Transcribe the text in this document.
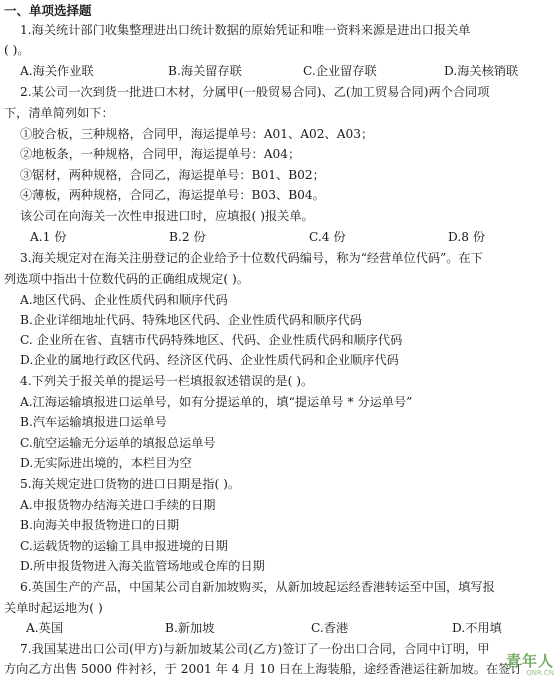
一、单项选择题
1.海关统计部门收集整理进出口统计数据的原始凭证和唯一资料来源是进出口报关单
( )。
A.海关作业联	B.海关留存联	C.企业留存联	D.海关核销联
2.某公司一次到货一批进口木材，分属甲(一般贸易合同)、乙(加工贸易合同)两个合同项
下，清单简列如下：
①胶合板，三种规格，合同甲，海运提单号：A01、A02、A03；
②地板条，一种规格，合同甲，海运提单号：A04；
③锯材，两种规格，合同乙，海运提单号：B01、B02；
④薄板，两种规格，合同乙，海运提单号：B03、B04。
该公司在向海关一次性申报进口时，应填报( )报关单。
A.1 份	B.2 份	C.4 份	D.8 份
3.海关规定对在海关注册登记的企业给予十位数代码编号，称为“经营单位代码”。在下
列选项中指出十位数代码的正确组成规定( )。
A.地区代码、企业性质代码和顺序代码
B.企业详细地址代码、特殊地区代码、企业性质代码和顺序代码
C. 企业所在省、直辖市代码特殊地区、代码、企业性质代码和顺序代码
D.企业的属地行政区代码、经济区代码、企业性质代码和企业顺序代码
4.下列关于报关单的提运号一栏填报叙述错误的是( )。
A.江海运输填报进口运单号，如有分提运单的，填“提运单号 * 分运单号”
B.汽车运输填报进口运单号
C.航空运输无分运单的填报总运单号
D.无实际进出境的，本栏目为空
5.海关规定进口货物的进口日期是指( )。
A.申报货物办结海关进口手续的日期
B.向海关申报货物进口的日期
C.运载货物的运输工具申报进境的日期
D.所申报货物进入海关监管场地或仓库的日期
6.英国生产的产品，中国某公司自新加坡购买，从新加坡起运经香港转运至中国，填写报
关单时起运地为( )
A.英国	B.新加坡	C.香港	D.不用填
7.我国某进出口公司(甲方)与新加坡某公司(乙方)签订了一份出口合同，合同中订明，甲
方向乙方出售 5000 件衬衫，于 2001 年 4 月 10 日在上海装船，途经香港运往新加坡。在签订
青年人
QNR.CN
